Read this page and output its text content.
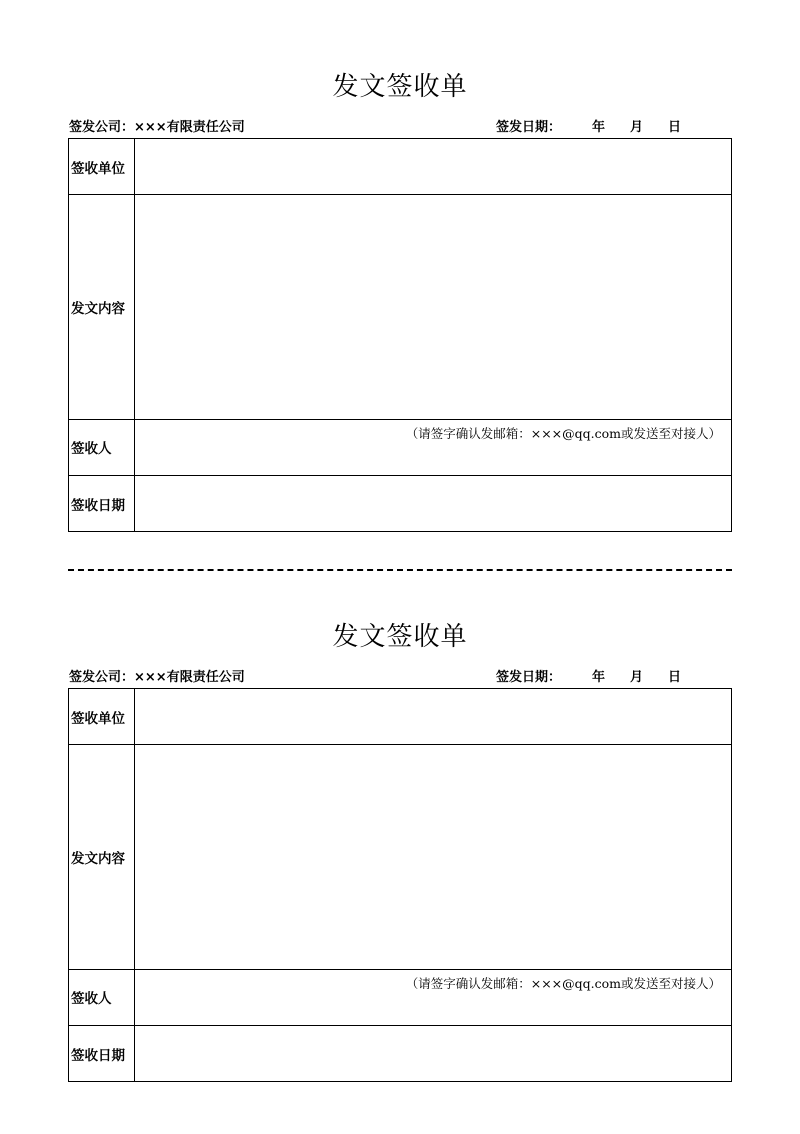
发文签收单
签发公司：×××有限责任公司	签发日期： 年 月 日
签收单位
发文内容
签收人
（请签字确认发邮箱：×××@qq.com或发送至对接人）
签收日期
发文签收单
签发公司：×××有限责任公司	签发日期： 年 月 日
签收单位
发文内容
签收人
（请签字确认发邮箱：×××@qq.com或发送至对接人）
签收日期
